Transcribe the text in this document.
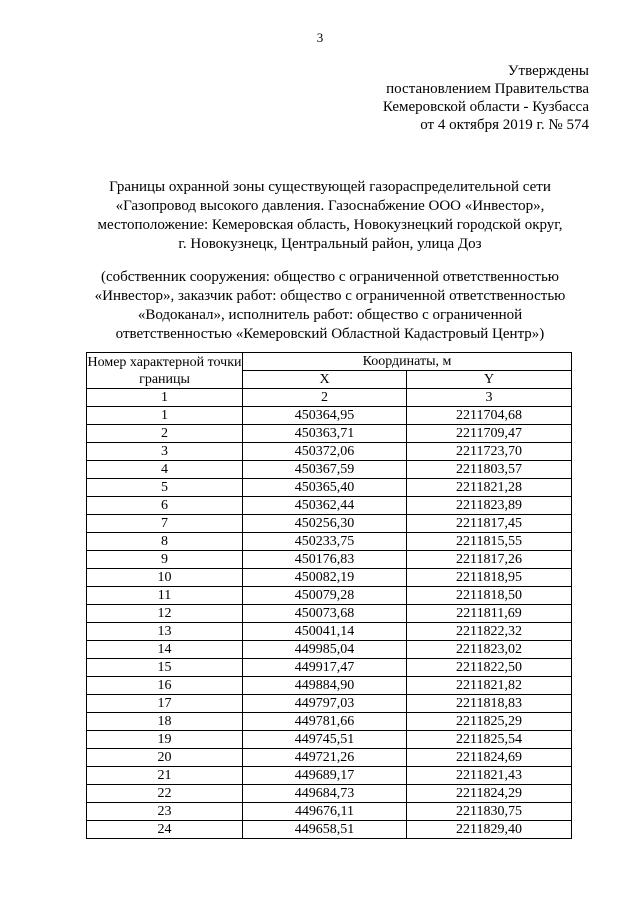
3
Утверждены
постановлением Правительства
Кемеровской области - Кузбасса
от 4 октября 2019 г. № 574
Границы охранной зоны существующей газораспределительной сети
«Газопровод высокого давления. Газоснабжение ООО «Инвестор»,
местоположение: Кемеровская область, Новокузнецкий городской округ,
г. Новокузнецк, Центральный район, улица Доз
(собственник сооружения: общество с ограниченной ответственностью
«Инвестор», заказчик работ: общество с ограниченной ответственностью
«Водоканал», исполнитель работ: общество с ограниченной
ответственностью «Кемеровский Областной Кадастровый Центр»)
Номер характерной точки границы	Координаты, м	
	X	Y
1	2	3
1	450364,95	2211704,68
2	450363,71	2211709,47
3	450372,06	2211723,70
4	450367,59	2211803,57
5	450365,40	2211821,28
6	450362,44	2211823,89
7	450256,30	2211817,45
8	450233,75	2211815,55
9	450176,83	2211817,26
10	450082,19	2211818,95
11	450079,28	2211818,50
12	450073,68	2211811,69
13	450041,14	2211822,32
14	449985,04	2211823,02
15	449917,47	2211822,50
16	449884,90	2211821,82
17	449797,03	2211818,83
18	449781,66	2211825,29
19	449745,51	2211825,54
20	449721,26	2211824,69
21	449689,17	2211821,43
22	449684,73	2211824,29
23	449676,11	2211830,75
24	449658,51	2211829,40
